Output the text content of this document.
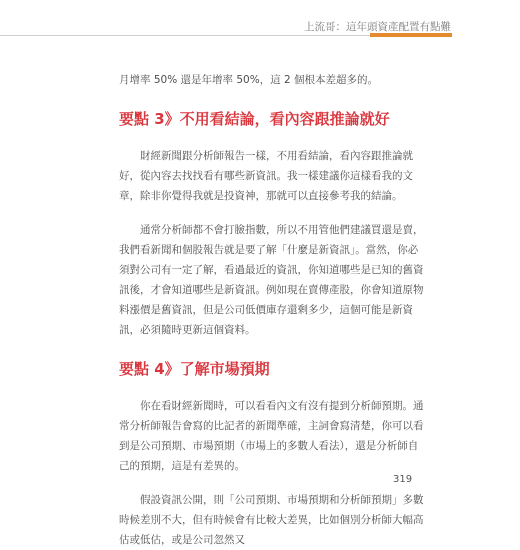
上流哥：這年頭資產配置有點難

月增率 50% 還是年增率 50%，這 2 個根本差超多的。

要點 3》不用看結論，看內容跟推論就好

財經新聞跟分析師報告一樣，不用看結論，看內容跟推論就好，從內容去找找看有哪些新資訊。我一樣建議你這樣看我的文章，除非你覺得我就是投資神，那就可以直接參考我的結論。

通常分析師都不會打臉指數，所以不用管他們建議買還是賣，我們看新聞和個股報告就是要了解「什麼是新資訊」。當然，你必須對公司有一定了解，看過最近的資訊，你知道哪些是已知的舊資訊後，才會知道哪些是新資訊。例如現在賣傳產股，你會知道原物料漲價是舊資訊，但是公司低價庫存還剩多少，這個可能是新資訊，必須隨時更新這個資料。

要點 4》了解市場預期

你在看財經新聞時，可以看看內文有沒有提到分析師預期。通常分析師報告會寫的比記者的新聞準確，主詞會寫清楚，你可以看到是公司預期、市場預期（市場上的多數人看法），還是分析師自己的預期，這是有差異的。

假設資訊公開，則「公司預期、市場預期和分析師預期」多數時候差別不大，但有時候會有比較大差異，比如個別分析師大幅高估或低估，或是公司忽然又

319
